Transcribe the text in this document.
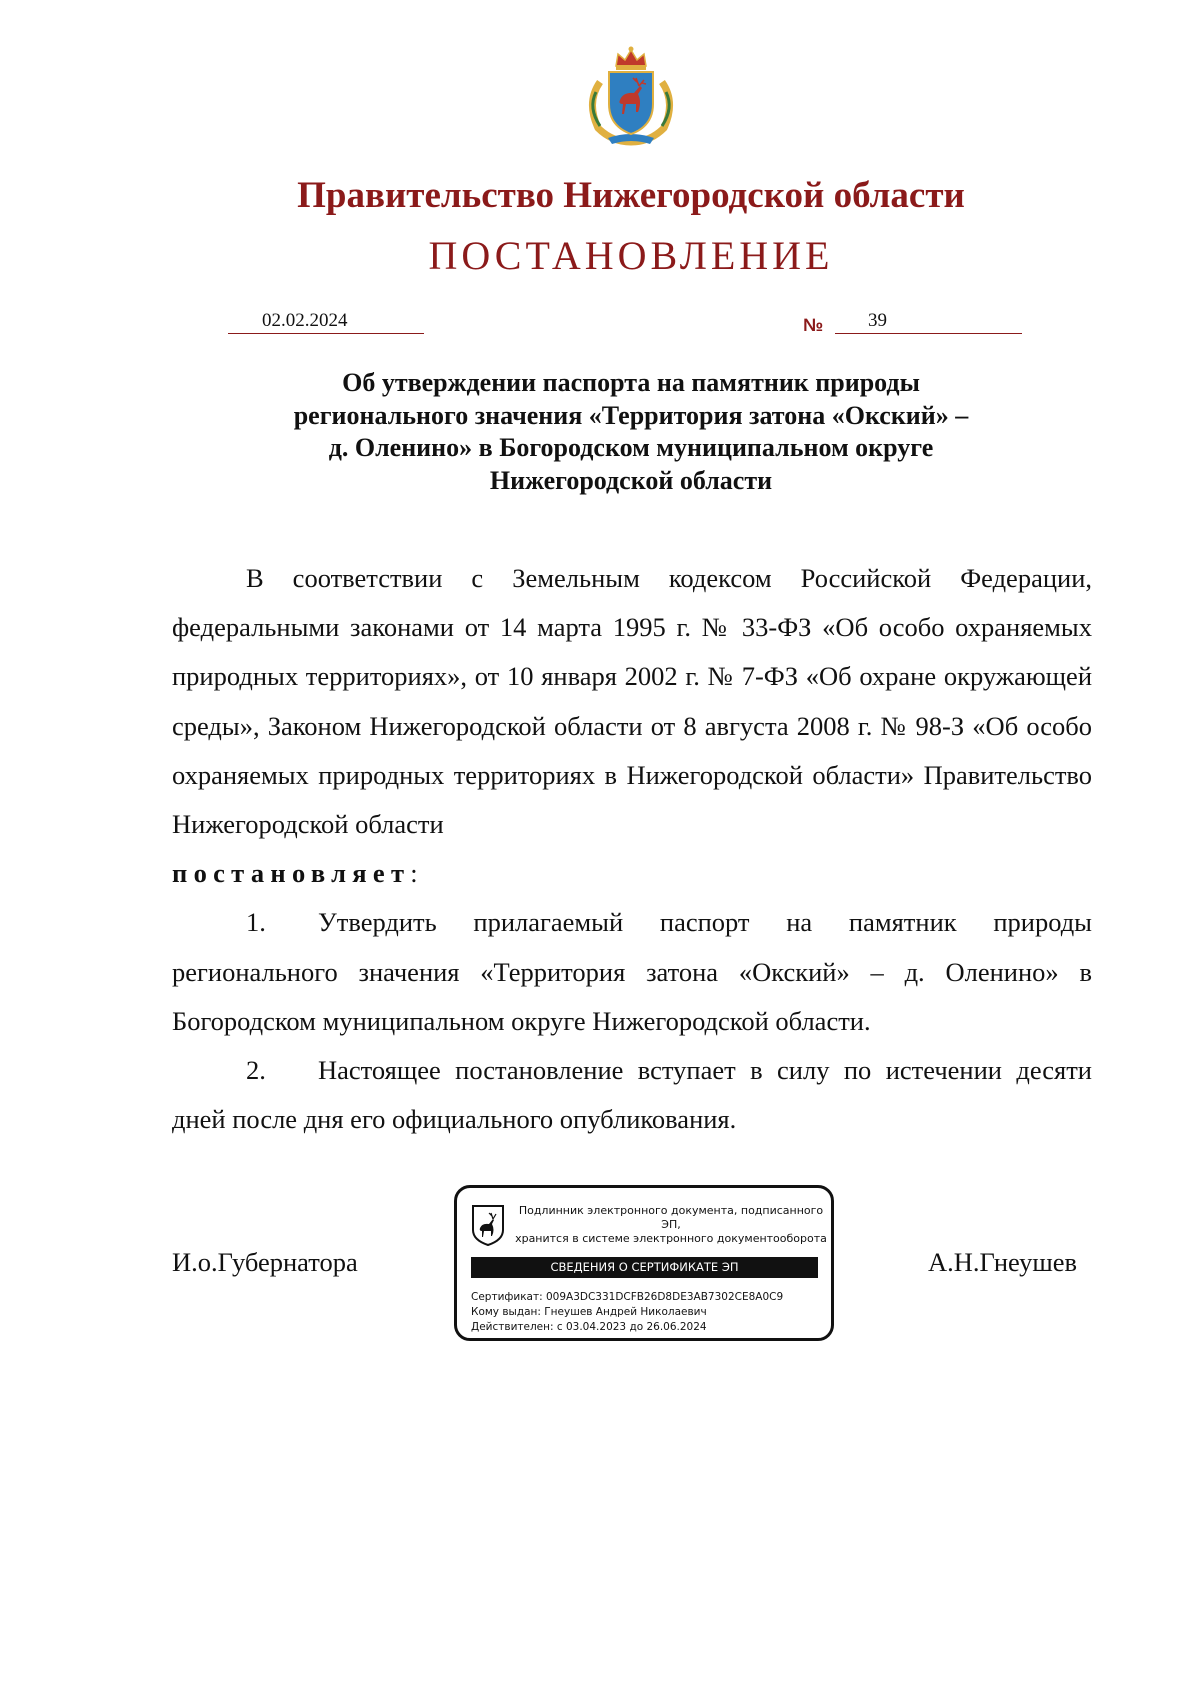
Правительство Нижегородской области
ПОСТАНОВЛЕНИЕ
02.02.2024	№ 39
Об утверждении паспорта на памятник природы
регионального значения «Территория затона «Окский» –
д. Оленино» в Богородском муниципальном округе
Нижегородской области

В соответствии с Земельным кодексом Российской Федерации, федеральными законами от 14 марта 1995 г. № 33-ФЗ «Об особо охраняемых природных территориях», от 10 января 2002 г. № 7-ФЗ «Об охране окружающей среды», Законом Нижегородской области от 8 августа 2008 г. № 98-З «Об особо охраняемых природных территориях в Нижегородской области» Правительство Нижегородской области

постановляет:

1. Утвердить прилагаемый паспорт на памятник природы регионального значения «Территория затона «Окский» – д. Оленино» в Богородском муниципальном округе Нижегородской области.

2. Настоящее постановление вступает в силу по истечении десяти дней после дня его официального опубликования.

И.о.Губернатора	А.Н.Гнеушев
Подлинник электронного документа, подписанного ЭП,
хранится в системе электронного документооборота
СВЕДЕНИЯ О СЕРТИФИКАТЕ ЭП
Сертификат: 009A3DC331DCFB26D8DE3AB7302CE8A0C9
Кому выдан: Гнеушев Андрей Николаевич
Действителен: с 03.04.2023 до 26.06.2024
